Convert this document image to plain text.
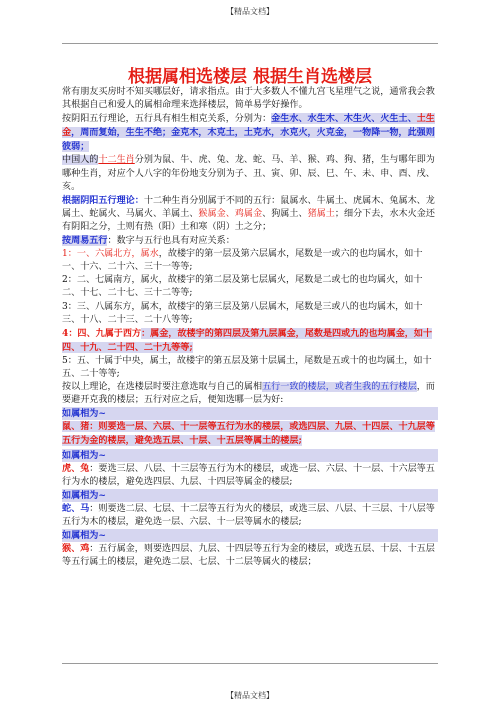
【精品文档】
根据属相选楼层 根据生肖选楼层

常有朋友买房时不知买哪层好，请求指点。由于大多数人不懂九宫飞星理气之说，通常我会教其根据自己和爱人的属相命理来选择楼层，简单易学好操作。

按阴阳五行理论，五行具有相生相克关系，分别为：金生水、水生木、木生火、火生土、土生金，周而复始，生生不绝；金克木，木克土，土克水，水克火，火克金，一物降一物，此强则彼弱；

中国人的十二生肖分别为鼠、牛、虎、兔、龙、蛇、马、羊、猴、鸡、狗、猪，生与哪年即为哪种生肖，对应个人八字的年份地支分别为子、丑、寅、卯、辰、巳、午、未、申、酉、戌、亥。

根据阴阳五行理论：十二种生肖分别属于不同的五行：鼠属水、牛属土、虎属木、兔属木、龙属土、蛇属火、马属火、羊属土、猴属金、鸡属金、狗属土、猪属土；细分下去，水木火金还有阴阳之分，土则有热（阳）土和寒（阴）土之分；

按周易五行：数字与五行也具有对应关系：

1：一、六属北方，属水，故楼宇的第一层及第六层属水，尾数是一或六的也均属水，如十一、十六、二十六、三十一等等;

2：二、七属南方，属火，故楼宇的第二层及第七层属火，尾数是二或七的也均属火，如十二、十七、二十七、三十二等等;

3：三、八属东方，属木，故楼宇的第三层及第八层属木，尾数是三或八的也均属木，如十三、十八、二十三、二十八等等;

4：四、九属于西方：属金，故楼宇的第四层及第九层属金，尾数是四或九的也均属金，如十四、十九、二十四、二十九等等;

5：五、十属于中央，属土，故楼宇的第五层及第十层属土，尾数是五或十的也均属土，如十五、二十等等;

按以上理论，在选楼层时要注意选取与自己的属相五行一致的楼层，或者生我的五行楼层，而要避开克我的楼层；五行对应之后，便知选哪一层为好:

如属相为~

鼠、猪：则要选一层、六层、十一层等五行为水的楼层，或选四层、九层、十四层、十九层等五行为金的楼层，避免选五层、十层、十五层等属土的楼层;

如属相为~

虎、兔：要选三层、八层、十三层等五行为木的楼层，或选一层、六层、十一层、十六层等五行为水的楼层，避免选四层、九层、十四层等属金的楼层;

如属相为~

蛇、马：则要选二层、七层、十二层等五行为火的楼层，或选三层、八层、十三层、十八层等五行为木的楼层，避免选一层、六层、十一层等属水的楼层;

如属相为~

猴、鸡：五行属金，则要选四层、九层、十四层等五行为金的楼层，或选五层、十层、十五层等五行属土的楼层，避免选二层、七层、十二层等属火的楼层；

【精品文档】
